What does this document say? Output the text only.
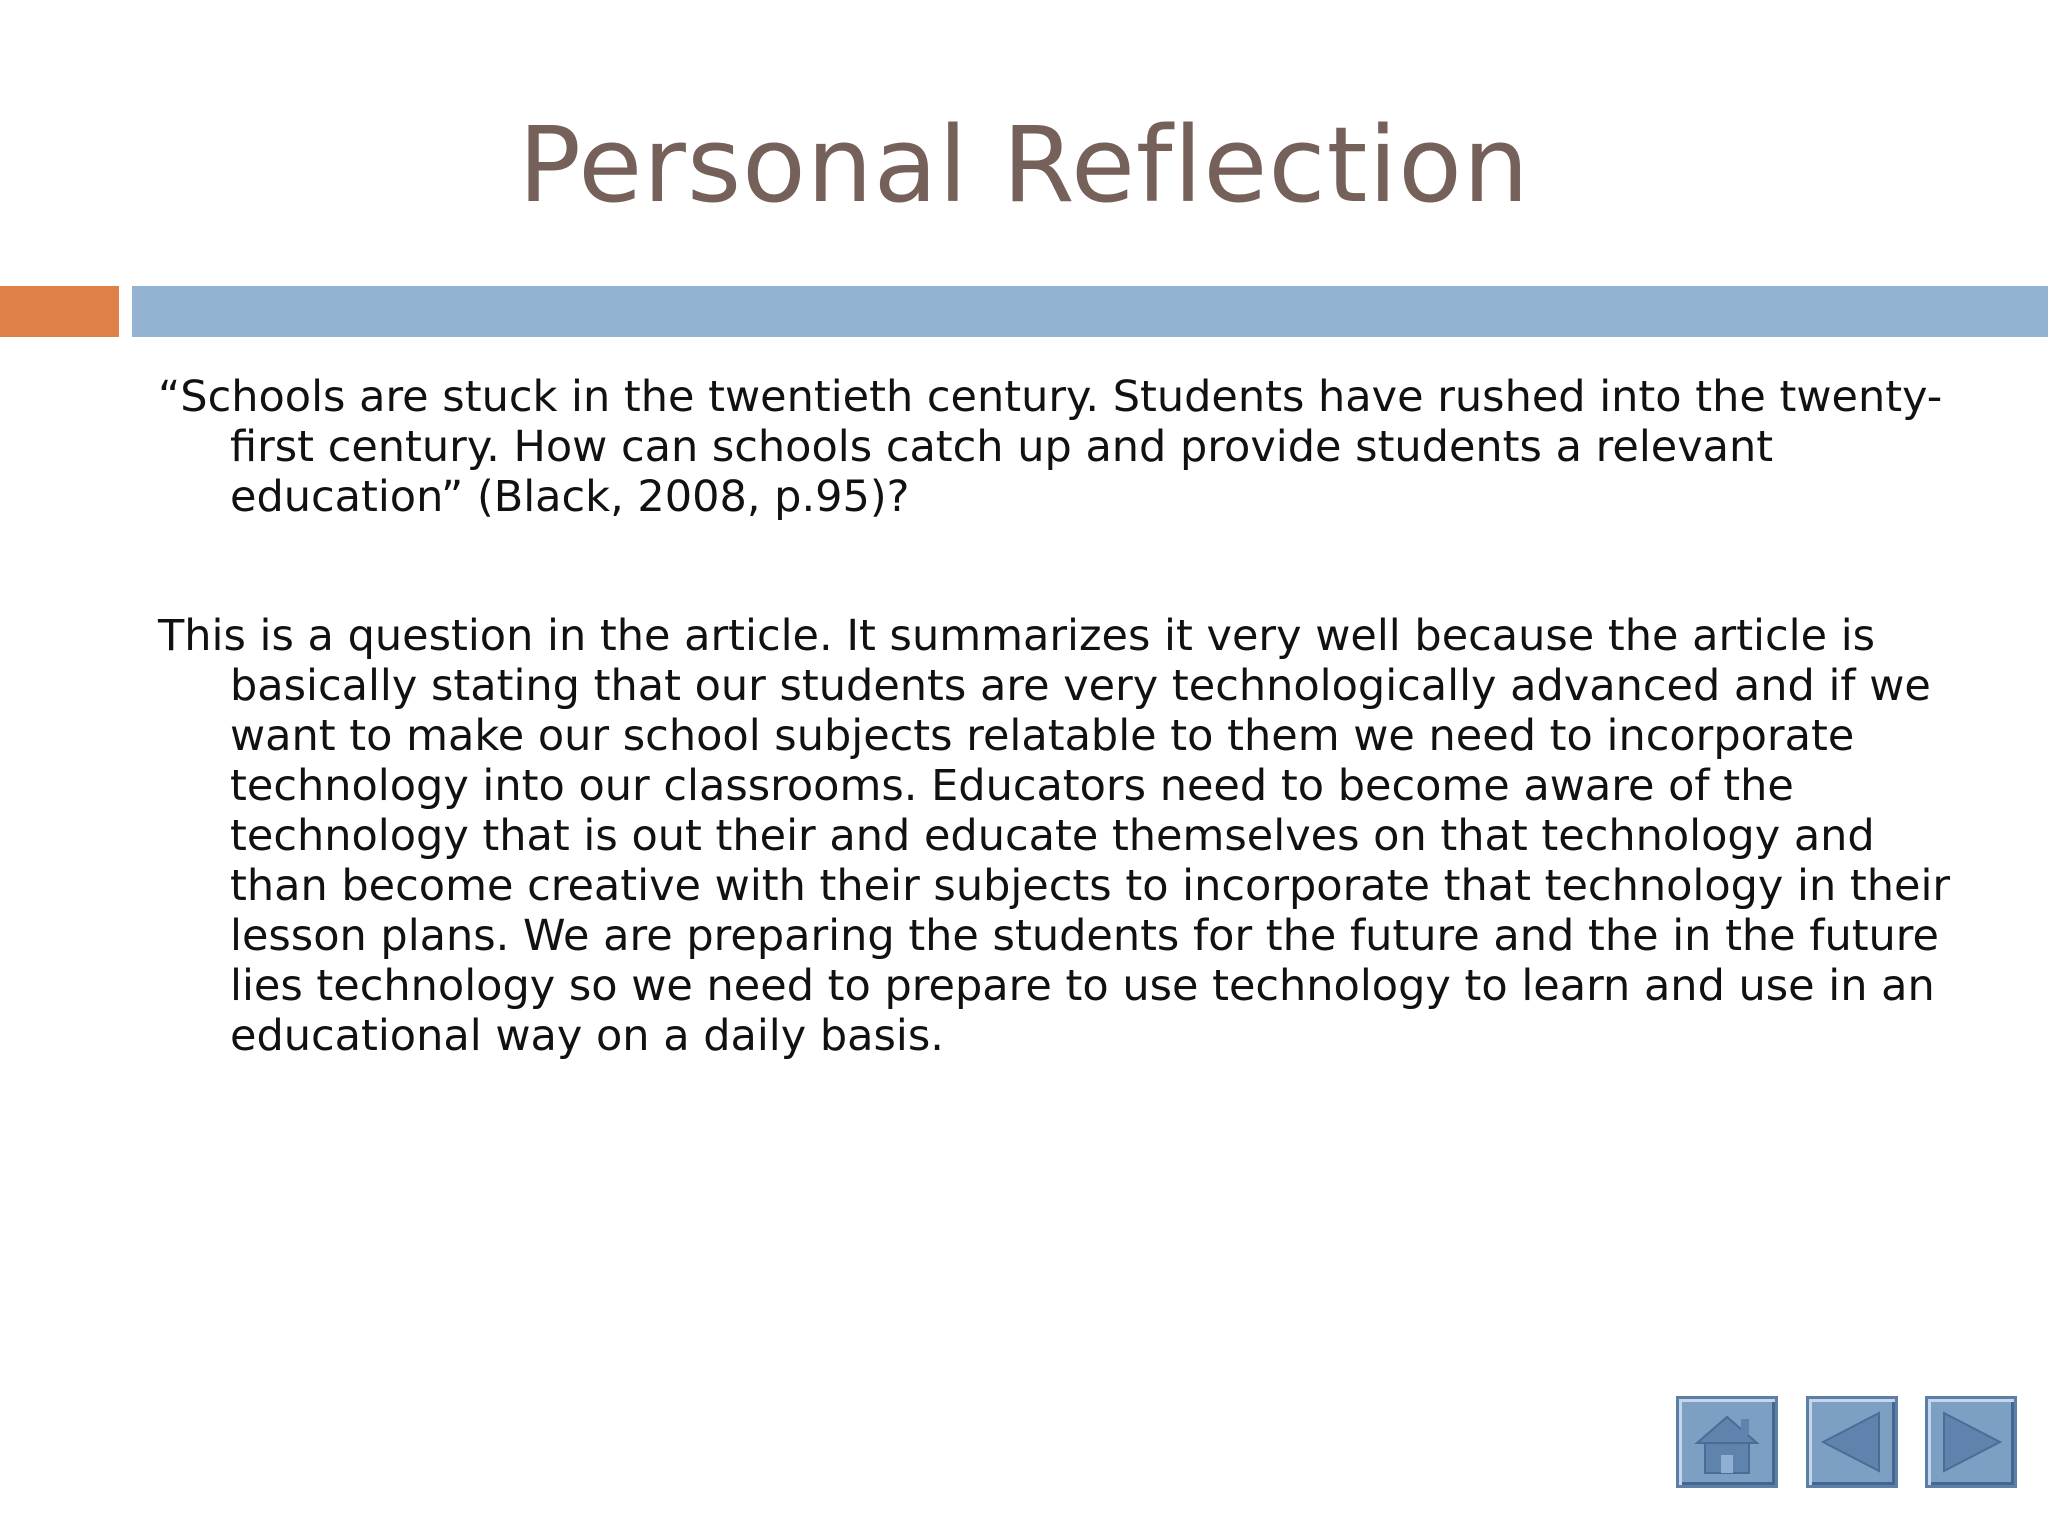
Personal Reflection

“Schools are stuck in the twentieth century. Students have rushed into the twenty-first century. How can schools catch up and provide students a relevant education” (Black, 2008, p.95)?

This is a question in the article. It summarizes it very well because the article is basically stating that our students are very technologically advanced and if we want to make our school subjects relatable to them we need to incorporate technology into our classrooms. Educators need to become aware of the technology that is out their and educate themselves on that technology and than become creative with their subjects to incorporate that technology in their lesson plans. We are preparing the students for the future and the in the future lies technology so we need to prepare to use technology to learn and use in an educational way on a daily basis.
